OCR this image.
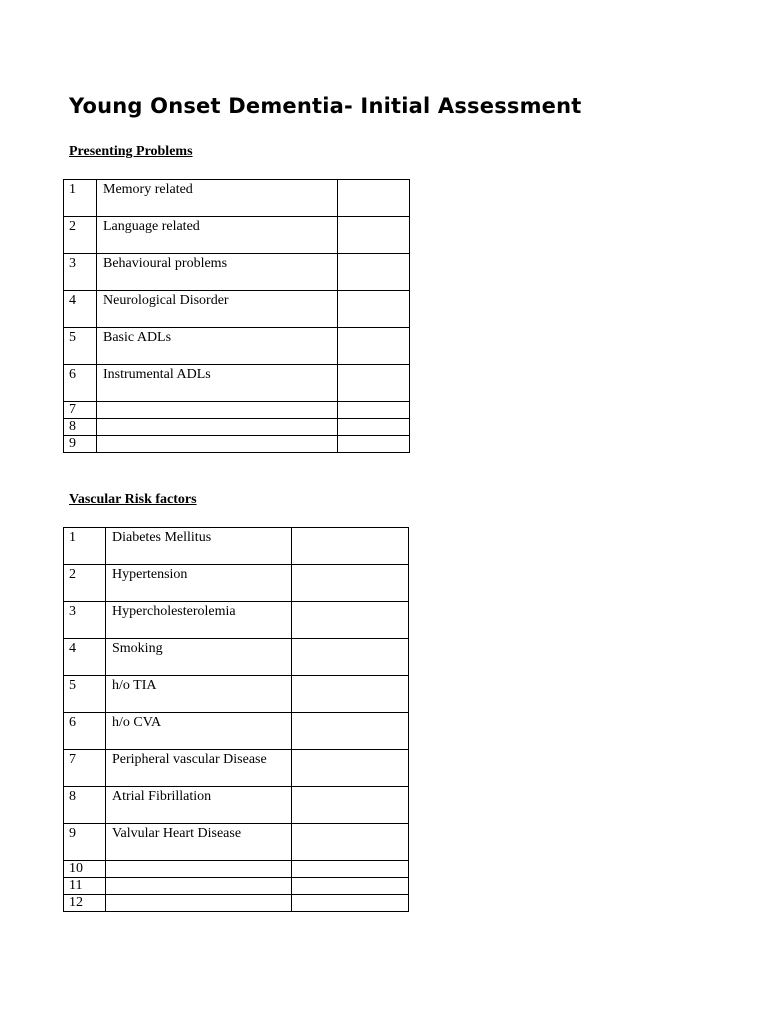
Young Onset Dementia- Initial Assessment
Presenting Problems
1	Memory related	
2	Language related	
3	Behavioural problems	
4	Neurological Disorder	
5	Basic ADLs	
6	Instrumental ADLs	
7		
8		
9		
Vascular Risk factors
1	Diabetes Mellitus	
2	Hypertension	
3	Hypercholesterolemia	
4	Smoking	
5	h/o TIA	
6	h/o CVA	
7	Peripheral vascular Disease	
8	Atrial Fibrillation	
9	Valvular Heart Disease	
10		
11		
12		
